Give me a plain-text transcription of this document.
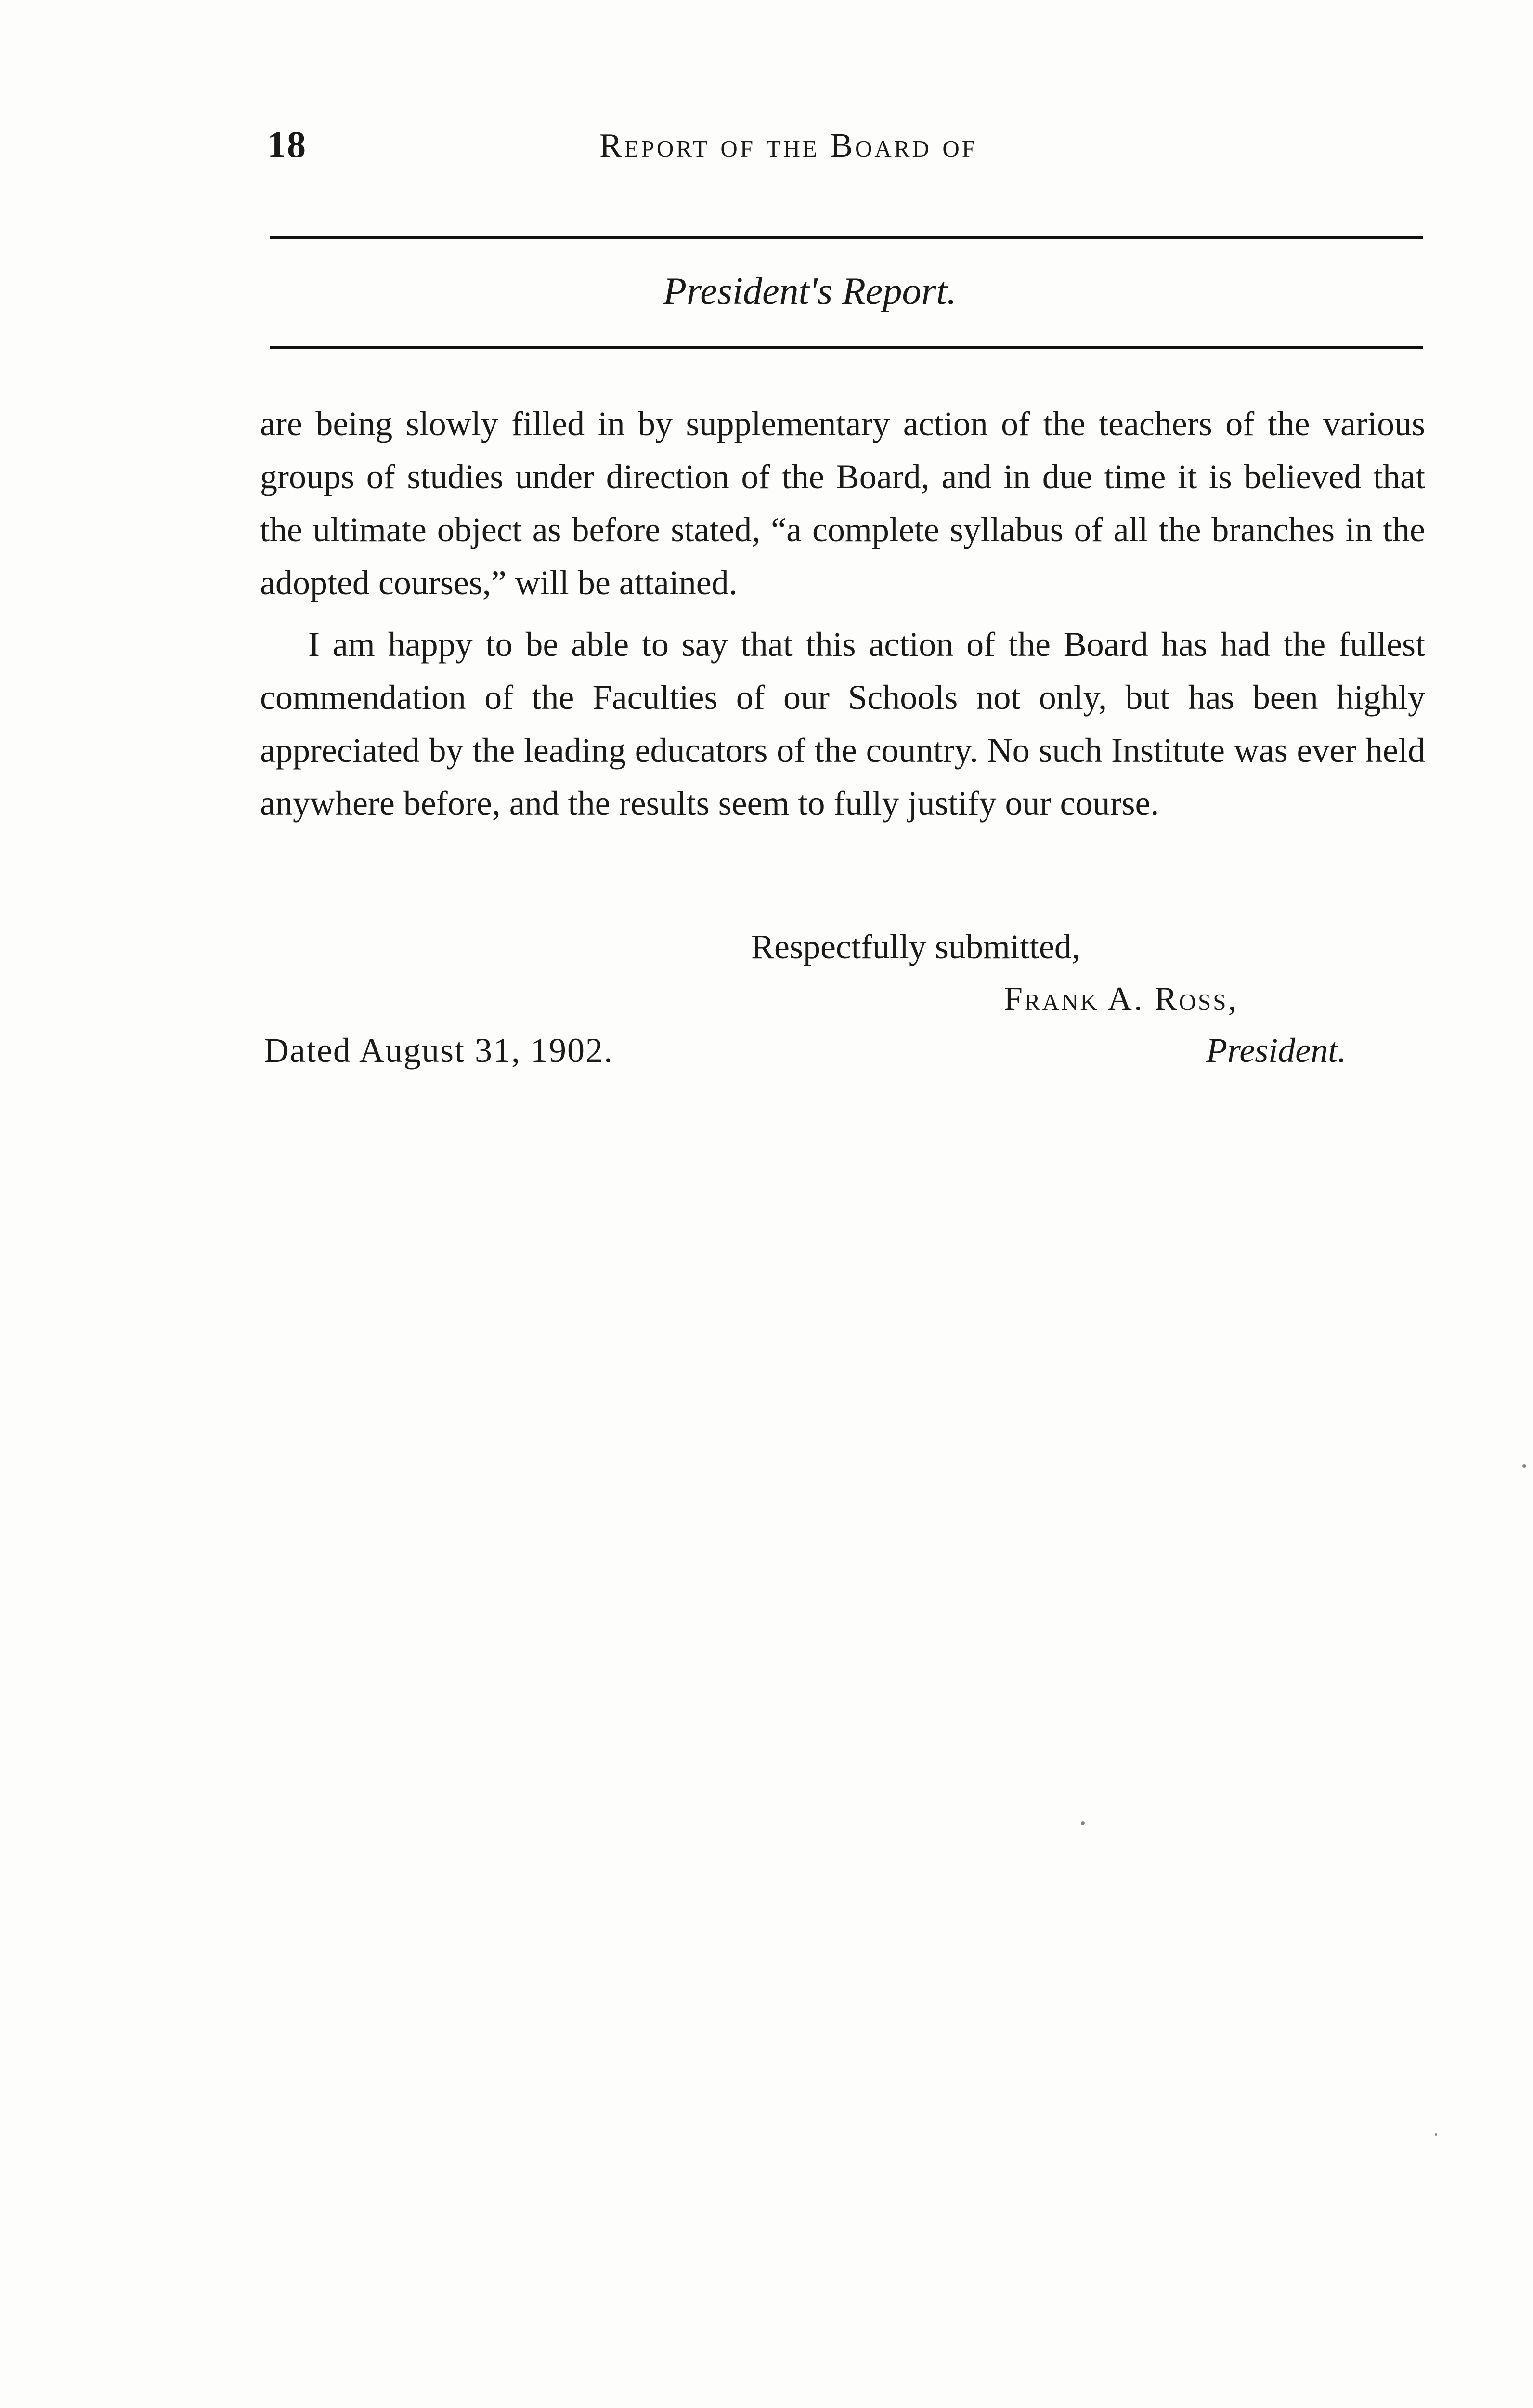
18	Report of the Board of
President's Report.

are being slowly filled in by supplementary action of the teachers of the various groups of studies under direction of the Board, and in due time it is believed that the ultimate object as before stated, “a complete syllabus of all the branches in the adopted courses,” will be attained.

I am happy to be able to say that this action of the Board has had the fullest commendation of the Faculties of our Schools not only, but has been highly appreciated by the leading educators of the country. No such Institute was ever held anywhere before, and the results seem to fully justify our course.

Respectfully submitted,
Frank A. Ross,
Dated August 31, 1902.	President.
